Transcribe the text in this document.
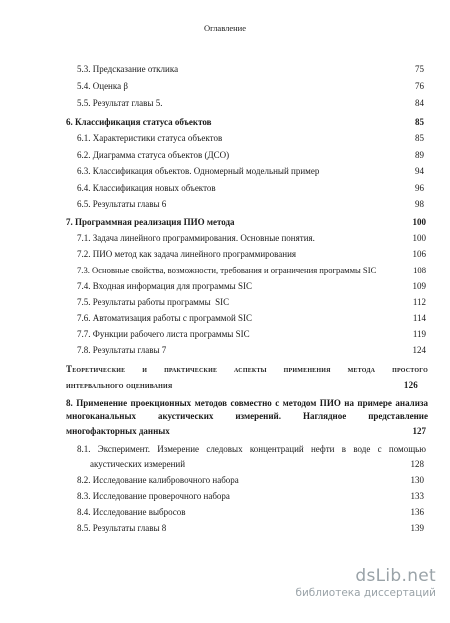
Оглавление
5.3. Предсказание отклика	75
5.4. Оценка β	76
5.5. Результат главы 5.	84
6. Классификация статуса объектов	85
6.1. Характеристики статуса объектов	85
6.2. Диаграмма статуса объектов (ДСО)	89
6.3. Классификация объектов. Одномерный модельный пример	94
6.4. Классификация новых объектов	96
6.5. Результаты главы 6	98
7. Программная реализация ПИО метода	100
7.1. Задача линейного программирования. Основные понятия.	100
7.2. ПИО метод как задача линейного программирования	106
7.3. Основные свойства, возможности, требования и ограничения программы SIC	108
7.4. Входная информация для программы SIC	109
7.5. Результаты работы программы  SIC	112
7.6. Автоматизация работы с программой SIC	114
7.7. Функции рабочего листа программы SIC	119
7.8. Результаты главы 7	124
Теоретические и практические аспекты применения метода простого
интервального оценивания	126
8. Применение проекционных методов совместно с методом ПИО на примере анализа
многоканальных акустических измерений. Наглядное представление
многофакторных данных	127
8.1. Эксперимент. Измерение следовых концентраций нефти в воде с помощью
акустических измерений	128
8.2. Исследование калибровочного набора	130
8.3. Исследование проверочного набора	133
8.4. Исследование выбросов	136
8.5. Результаты главы 8	139
dsLib.net
библиотека диссертаций
